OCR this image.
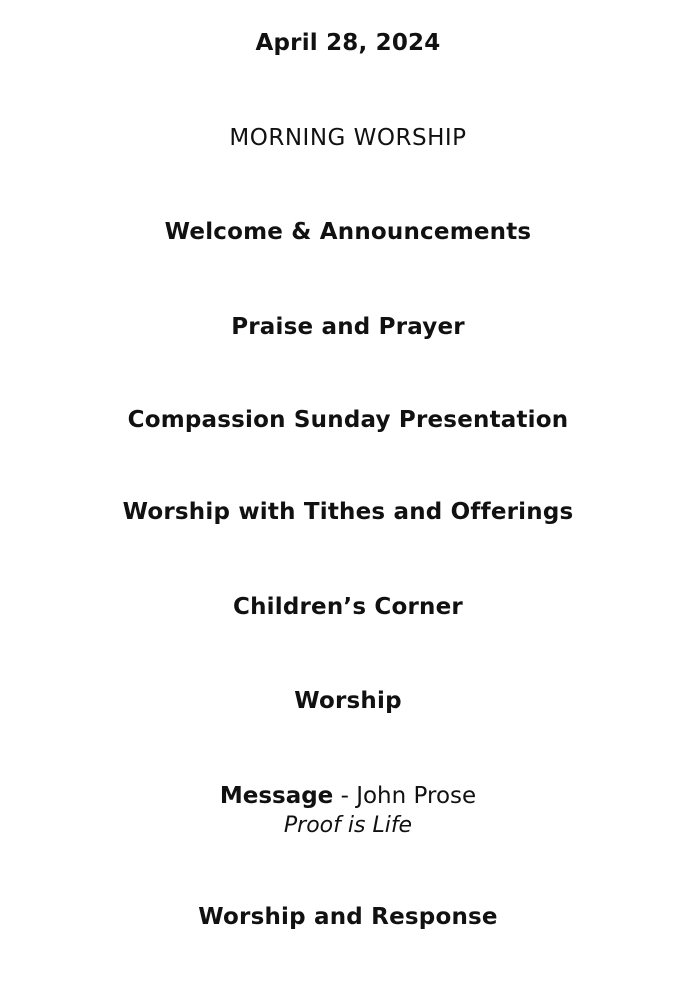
April 28, 2024
MORNING WORSHIP
Welcome & Announcements
Praise and Prayer
Compassion Sunday Presentation
Worship with Tithes and Offerings
Children’s Corner
Worship
Message - John Prose
Proof is Life
Worship and Response
